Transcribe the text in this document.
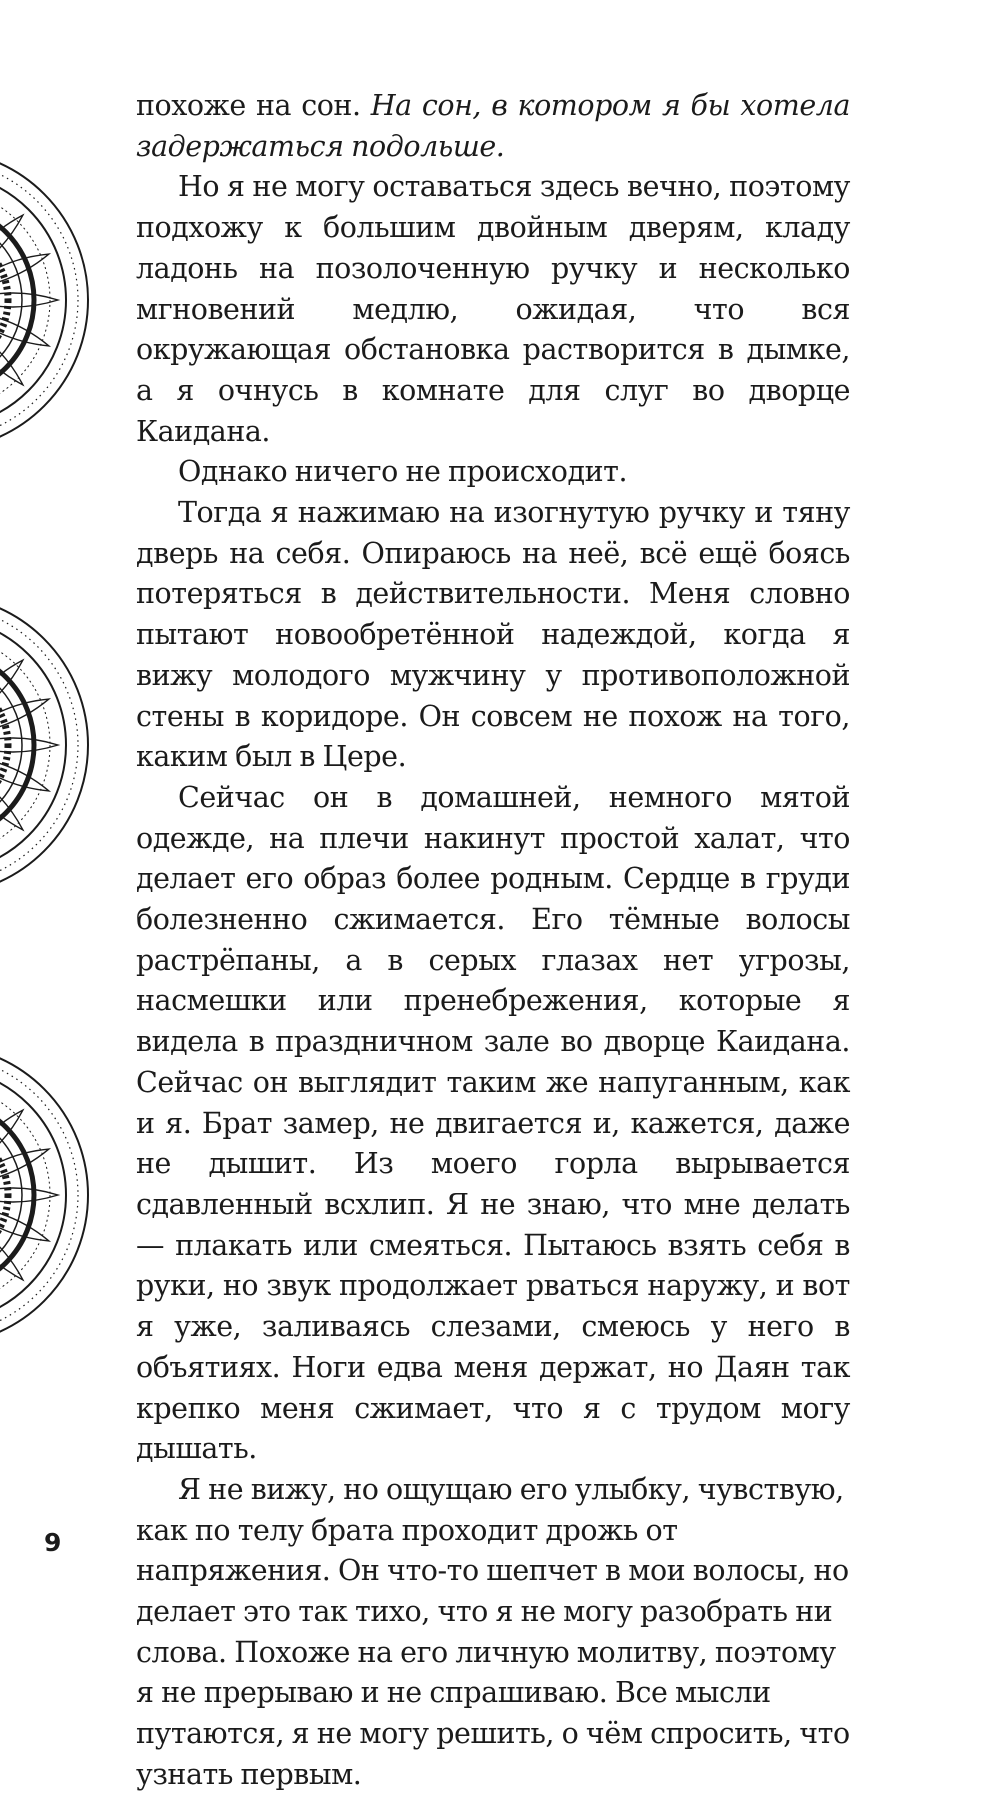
похоже на сон. На сон, в котором я бы хотела задержаться подольше.

Но я не могу оставаться здесь вечно, поэтому подхожу к большим двойным дверям, кладу ладонь на позолоченную ручку и несколько мгновений медлю, ожидая, что вся окружающая обстановка растворится в дымке, а я очнусь в комнате для слуг во дворце Каидана.

Однако ничего не происходит.

Тогда я нажимаю на изогнутую ручку и тяну дверь на себя. Опираюсь на неё, всё ещё боясь потеряться в действительности. Меня словно пытают новообретённой надеждой, когда я вижу молодого мужчину у противоположной стены в коридоре. Он совсем не похож на того, каким был в Цере.

Сейчас он в домашней, немного мятой одежде, на плечи накинут простой халат, что делает его образ более родным. Сердце в груди болезненно сжимается. Его тёмные волосы растрёпаны, а в серых глазах нет угрозы, насмешки или пренебрежения, которые я видела в праздничном зале во дворце Каидана. Сейчас он выглядит таким же напуганным, как и я. Брат замер, не двигается и, кажется, даже не дышит. Из моего горла вырывается сдавленный всхлип. Я не знаю, что мне делать — плакать или смеяться. Пытаюсь взять себя в руки, но звук продолжает рваться наружу, и вот я уже, заливаясь слезами, смеюсь у него в объятиях. Ноги едва меня держат, но Даян так крепко меня сжимает, что я с трудом могу дышать.

Я не вижу, но ощущаю его улыбку, чувствую, как по телу брата проходит дрожь от напряжения. Он что-то шепчет в мои волосы, но делает это так тихо, что я не могу разобрать ни слова. Похоже на его личную молитву, поэтому я не прерываю и не спрашиваю. Все мысли путаются, я не могу решить, о чём спросить, что узнать первым.

9
